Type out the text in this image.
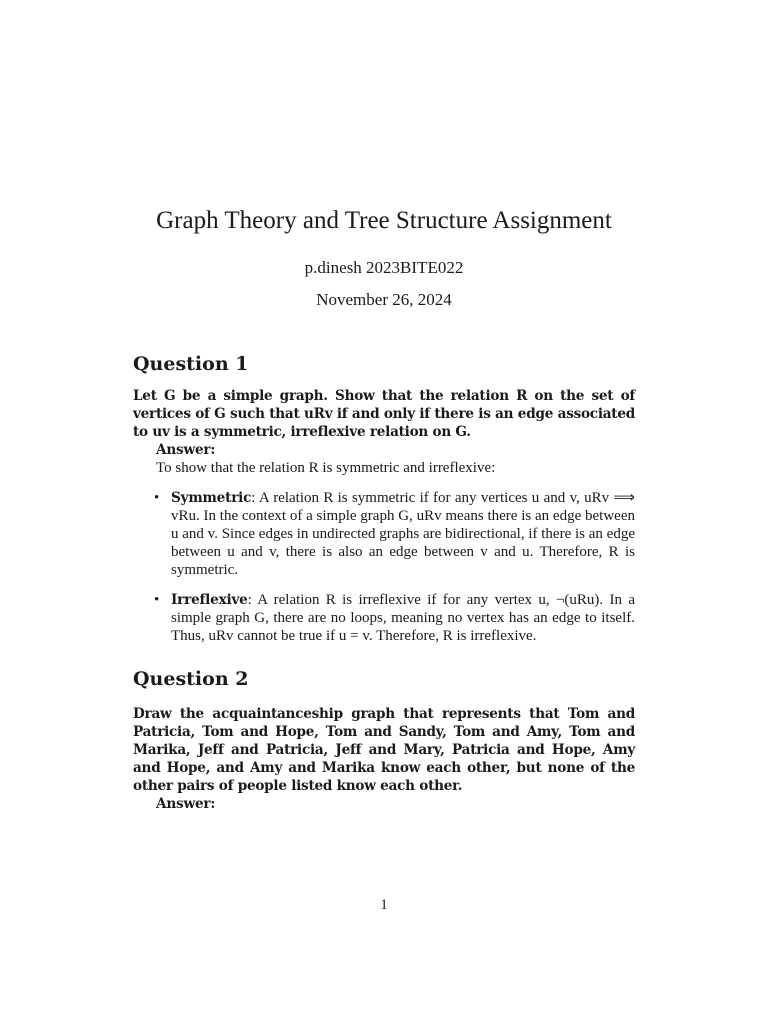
Graph Theory and Tree Structure Assignment
p.dinesh 2023BITE022
November 26, 2024
Question 1
Let G be a simple graph. Show that the relation R on the set of vertices of G such that uRv if and only if there is an edge associated to uv is a symmetric, irreflexive relation on G.
Answer:
To show that the relation R is symmetric and irreflexive:
• Symmetric: A relation R is symmetric if for any vertices u and v, uRv ⟹ vRu. In the context of a simple graph G, uRv means there is an edge between u and v. Since edges in undirected graphs are bidirectional, if there is an edge between u and v, there is also an edge between v and u. Therefore, R is symmetric.
• Irreflexive: A relation R is irreflexive if for any vertex u, ¬(uRu). In a simple graph G, there are no loops, meaning no vertex has an edge to itself. Thus, uRv cannot be true if u = v. Therefore, R is irreflexive.
Question 2
Draw the acquaintanceship graph that represents that Tom and Patricia, Tom and Hope, Tom and Sandy, Tom and Amy, Tom and Marika, Jeff and Patricia, Jeff and Mary, Patricia and Hope, Amy and Hope, and Amy and Marika know each other, but none of the other pairs of people listed know each other.
Answer:
1
